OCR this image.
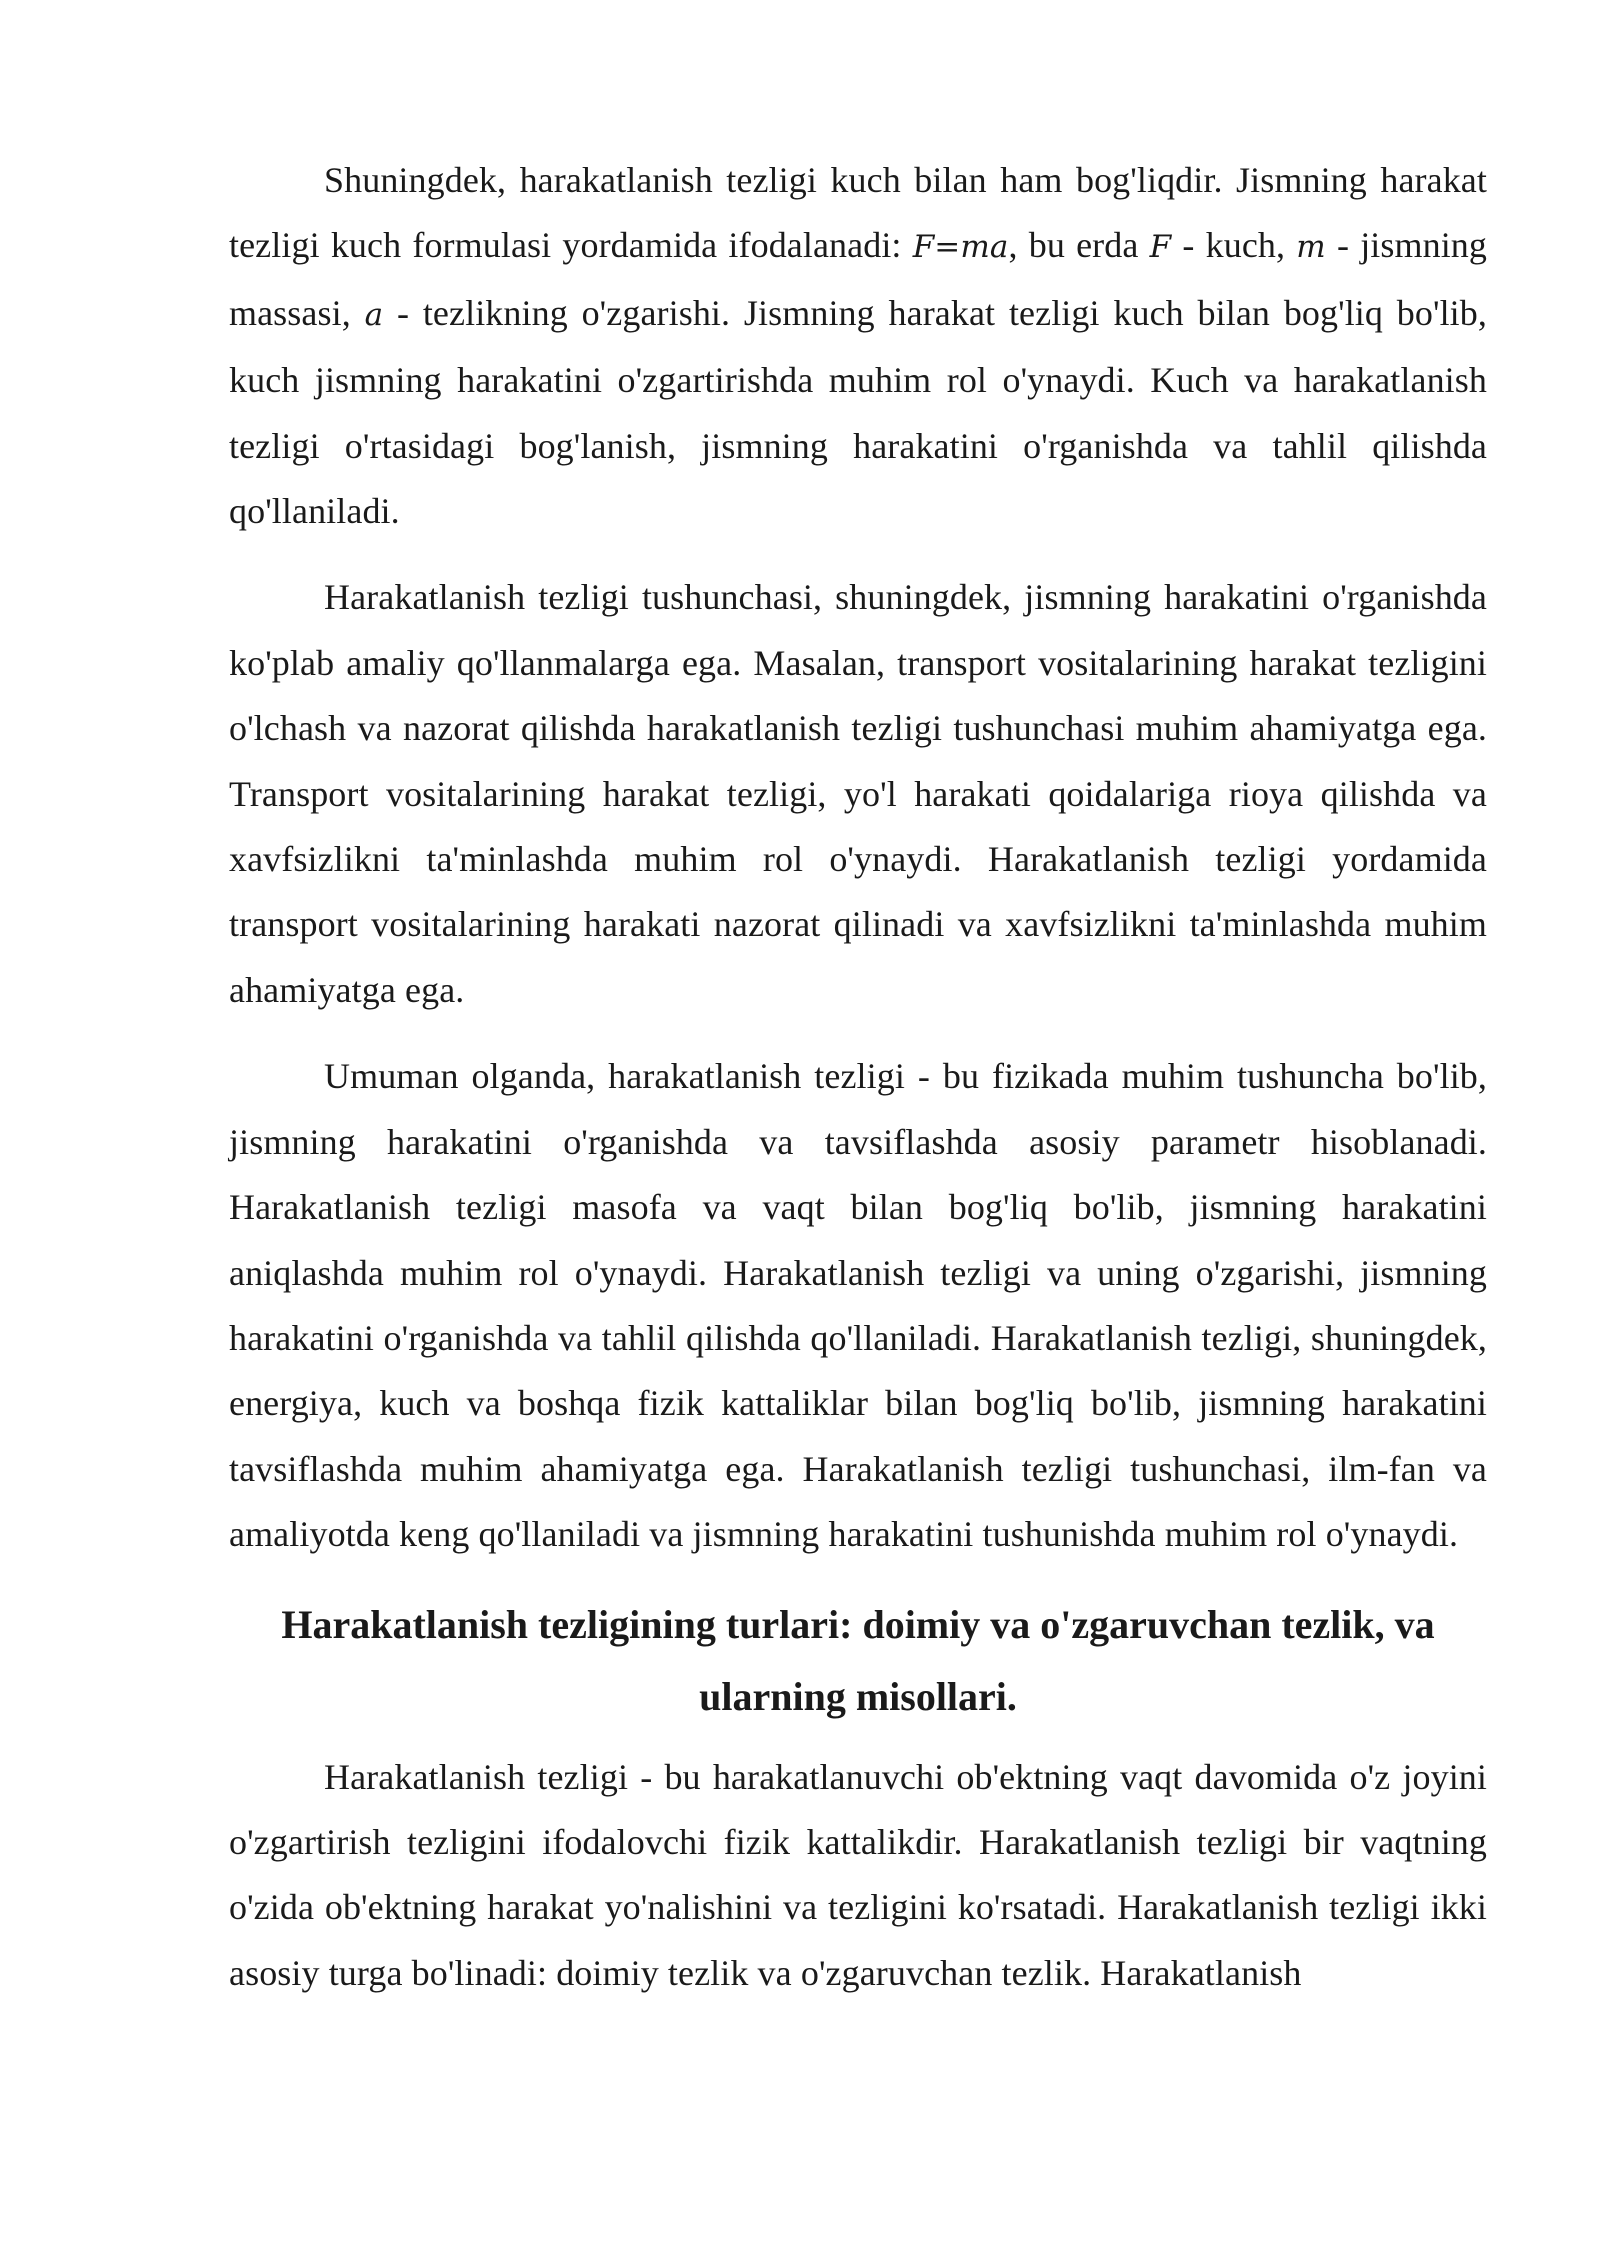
Shuningdek, harakatlanish tezligi kuch bilan ham bog'liqdir. Jismning harakat tezligi kuch formulasi yordamida ifodalanadi: F=ma, bu erda F - kuch, m - jismning massasi, a - tezlikning o'zgarishi. Jismning harakat tezligi kuch bilan bog'liq bo'lib, kuch jismning harakatini o'zgartirishda muhim rol o'ynaydi. Kuch va harakatlanish tezligi o'rtasidagi bog'lanish, jismning harakatini o'rganishda va tahlil qilishda qo'llaniladi.

Harakatlanish tezligi tushunchasi, shuningdek, jismning harakatini o'rganishda ko'plab amaliy qo'llanmalarga ega. Masalan, transport vositalarining harakat tezligini o'lchash va nazorat qilishda harakatlanish tezligi tushunchasi muhim ahamiyatga ega. Transport vositalarining harakat tezligi, yo'l harakati qoidalariga rioya qilishda va xavfsizlikni ta'minlashda muhim rol o'ynaydi. Harakatlanish tezligi yordamida transport vositalarining harakati nazorat qilinadi va xavfsizlikni ta'minlashda muhim ahamiyatga ega.

Umuman olganda, harakatlanish tezligi - bu fizikada muhim tushuncha bo'lib, jismning harakatini o'rganishda va tavsiflashda asosiy parametr hisoblanadi. Harakatlanish tezligi masofa va vaqt bilan bog'liq bo'lib, jismning harakatini aniqlashda muhim rol o'ynaydi. Harakatlanish tezligi va uning o'zgarishi, jismning harakatini o'rganishda va tahlil qilishda qo'llaniladi. Harakatlanish tezligi, shuningdek, energiya, kuch va boshqa fizik kattaliklar bilan bog'liq bo'lib, jismning harakatini tavsiflashda muhim ahamiyatga ega. Harakatlanish tezligi tushunchasi, ilm-fan va amaliyotda keng qo'llaniladi va jismning harakatini tushunishda muhim rol o'ynaydi.

Harakatlanish tezligining turlari: doimiy va o'zgaruvchan tezlik, va ularning misollari.

Harakatlanish tezligi - bu harakatlanuvchi ob'ektning vaqt davomida o'z joyini o'zgartirish tezligini ifodalovchi fizik kattalikdir. Harakatlanish tezligi bir vaqtning o'zida ob'ektning harakat yo'nalishini va tezligini ko'rsatadi. Harakatlanish tezligi ikki asosiy turga bo'linadi: doimiy tezlik va o'zgaruvchan tezlik. Harakatlanish
